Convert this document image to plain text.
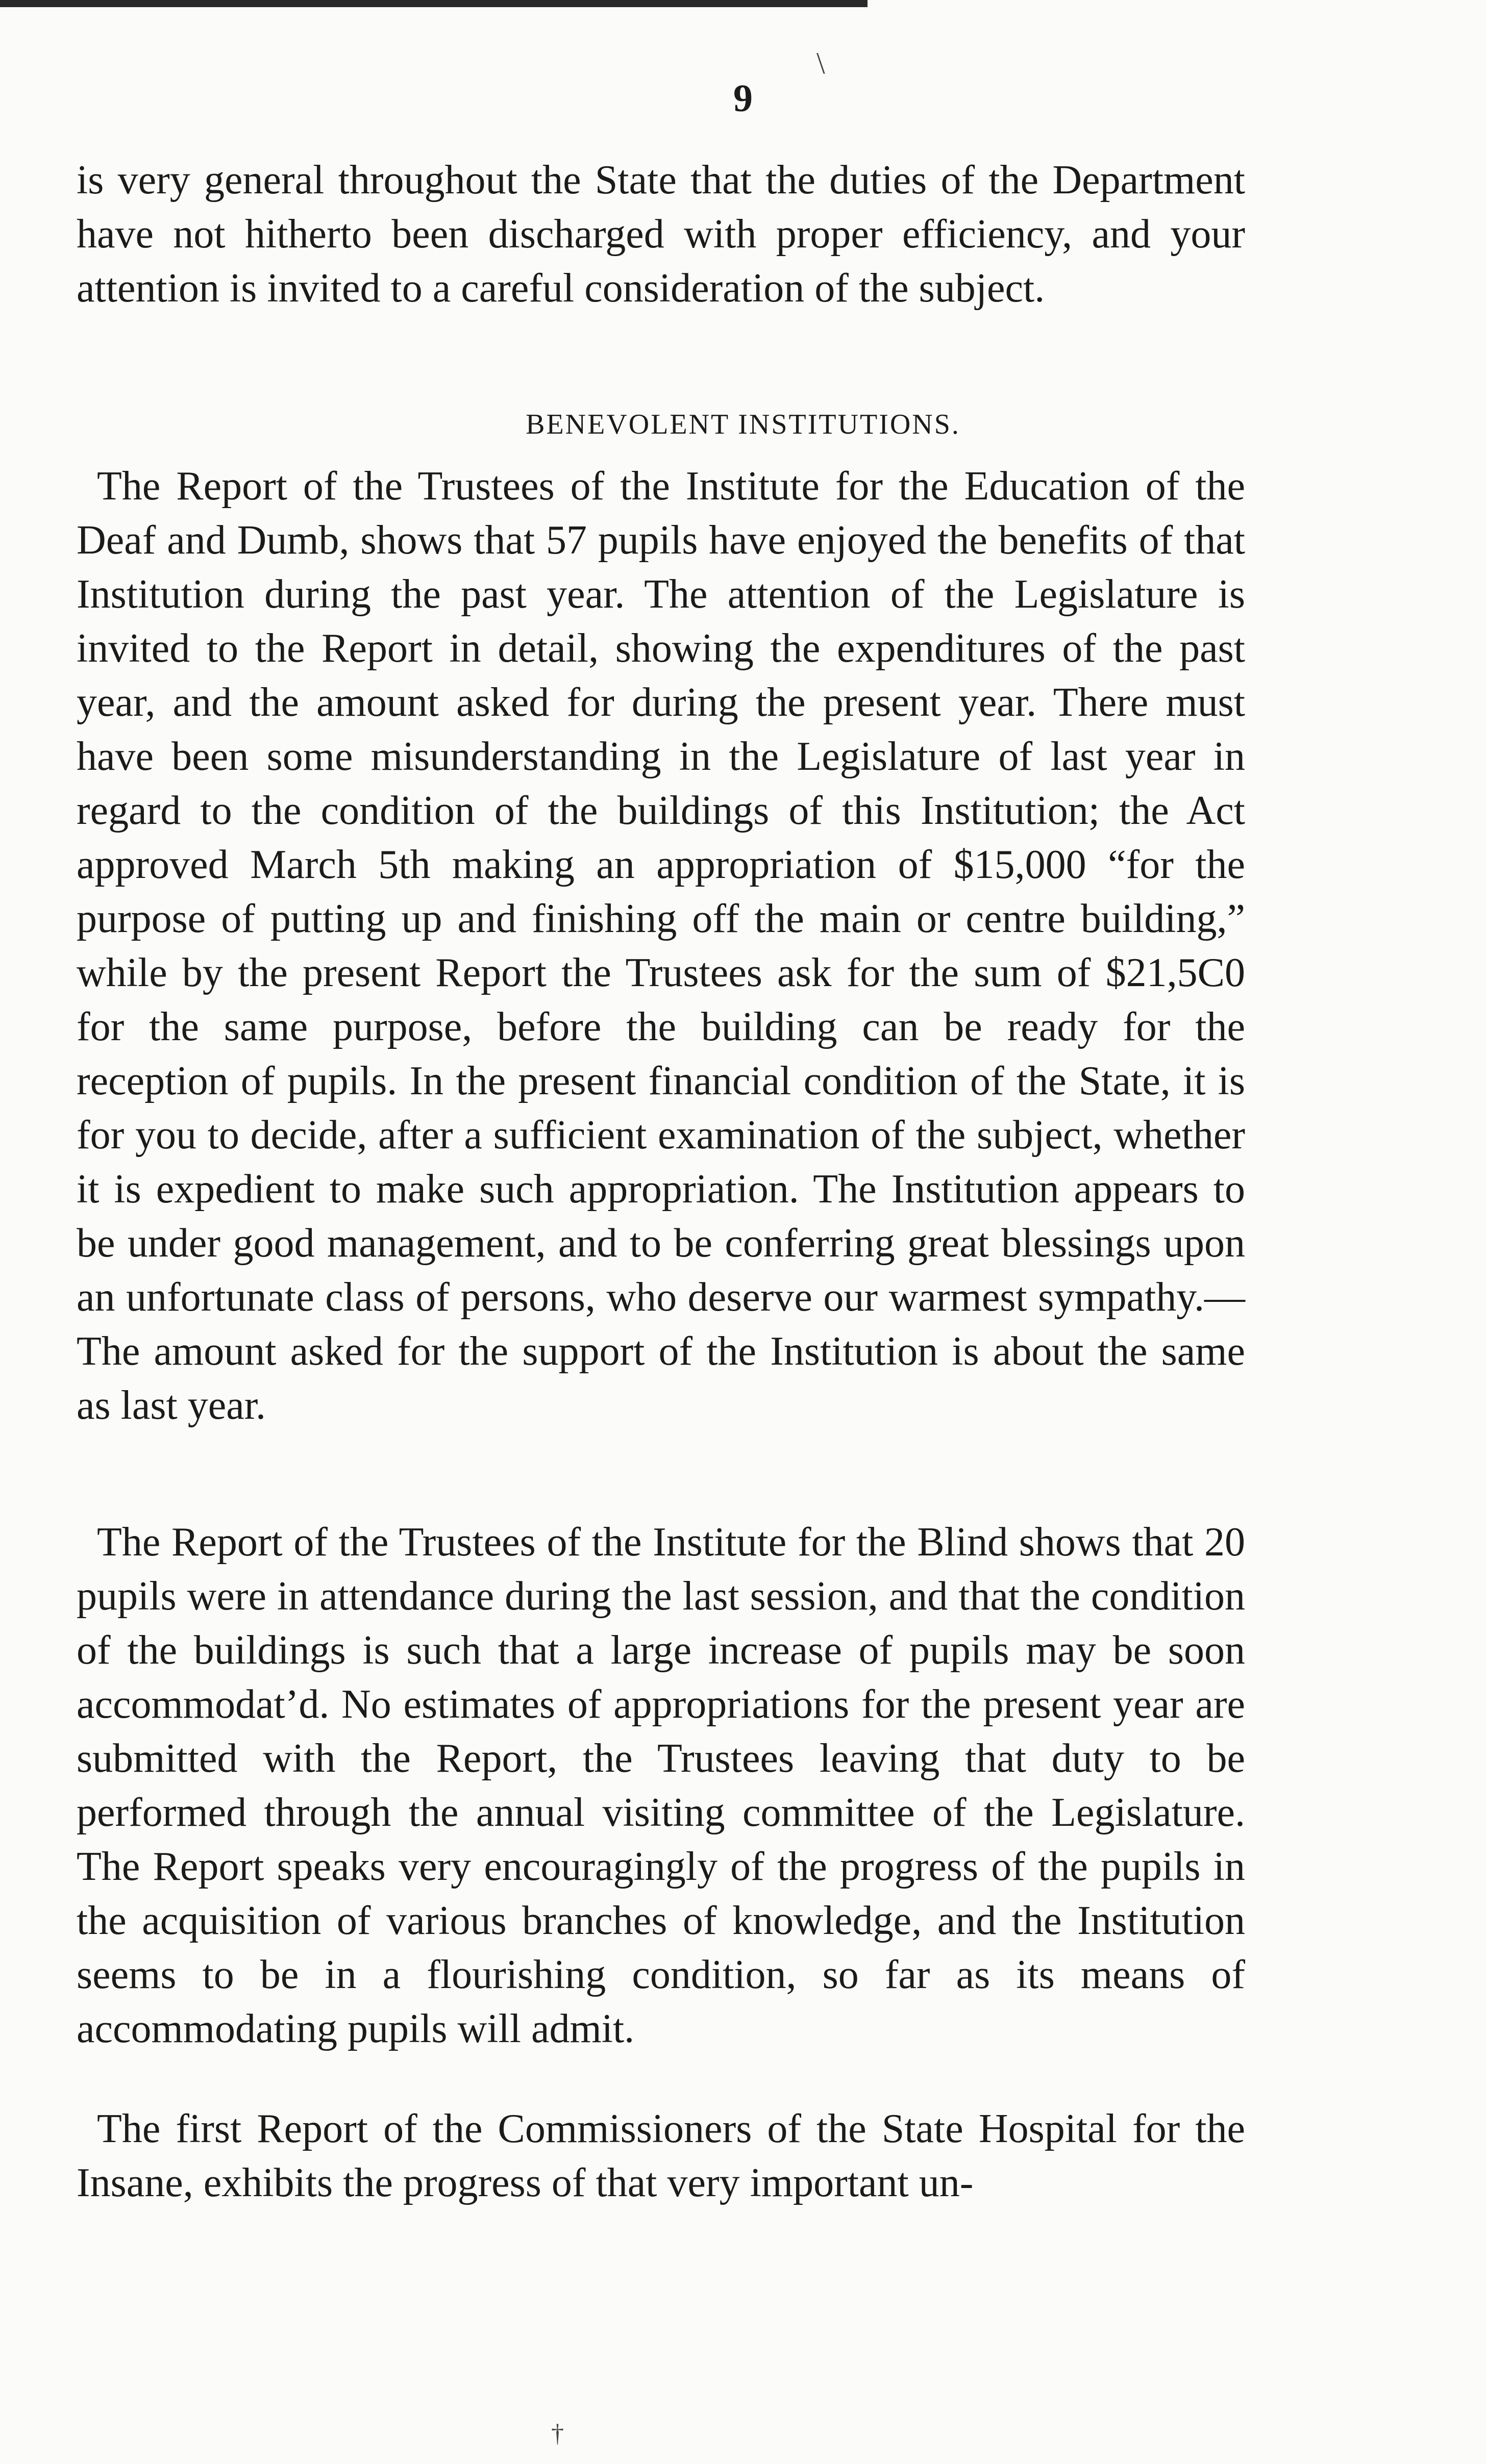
9

is very general throughout the State that the duties of the Department have not hitherto been discharged with proper efficiency, and your attention is invited to a careful consideration of the subject.

BENEVOLENT INSTITUTIONS.

The Report of the Trustees of the Institute for the Education of the Deaf and Dumb, shows that 57 pupils have enjoyed the benefits of that Institution during the past year. The attention of the Legislature is invited to the Report in detail, showing the expenditures of the past year, and the amount asked for during the present year. There must have been some misunderstanding in the Legislature of last year in regard to the condition of the buildings of this Institution; the Act approved March 5th making an appropriation of $15,000 “for the purpose of putting up and finishing off the main or centre building,” while by the present Report the Trustees ask for the sum of $21,5C0 for the same purpose, before the building can be ready for the reception of pupils. In the present financial condition of the State, it is for you to decide, after a sufficient examination of the subject, whether it is expedient to make such appropriation. The Institution appears to be under good management, and to be conferring great blessings upon an unfortunate class of persons, who deserve our warmest sympathy.— The amount asked for the support of the Institution is about the same as last year.

The Report of the Trustees of the Institute for the Blind shows that 20 pupils were in attendance during the last session, and that the condition of the buildings is such that a large increase of pupils may be soon accommodat’d. No estimates of appropriations for the present year are submitted with the Report, the Trustees leaving that duty to be performed through the annual visiting committee of the Legislature. The Report speaks very encouragingly of the progress of the pupils in the acquisition of various branches of knowledge, and the Institution seems to be in a flourishing condition, so far as its means of accommodating pupils will admit.

The first Report of the Commissioners of the State Hospital for the Insane, exhibits the progress of that very important un-

\
†
